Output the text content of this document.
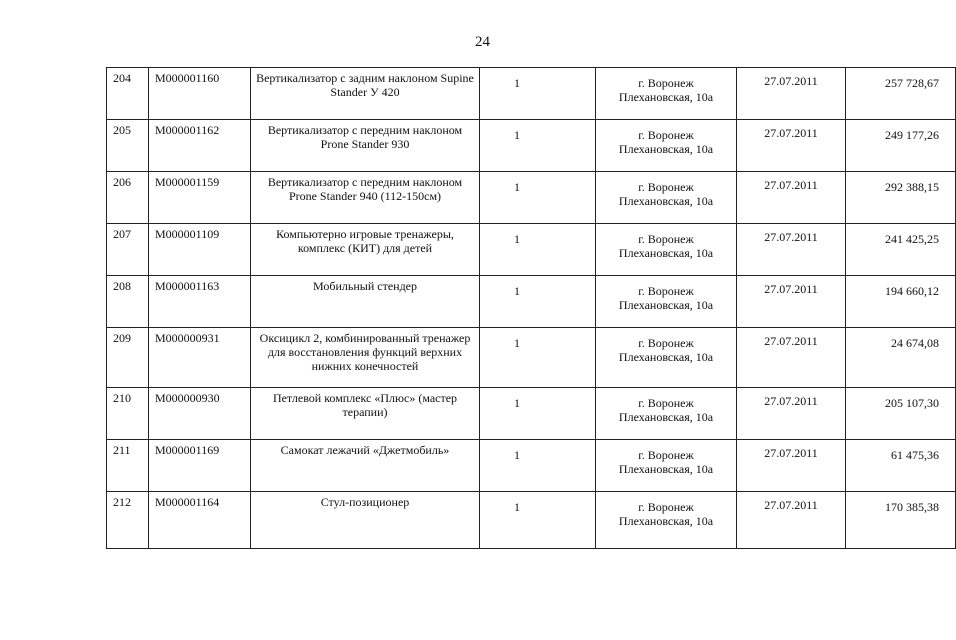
24
204	М000001160	Вертикализатор с задним наклоном Supine Stander У 420	1	г. Воронеж
Плехановская, 10а	27.07.2011	257 728,67
205	М000001162	Вертикализатор с передним наклоном Prone Stander 930	1	г. Воронеж
Плехановская, 10а	27.07.2011	249 177,26
206	М000001159	Вертикализатор с передним наклоном Prone Stander 940 (112-150см)	1	г. Воронеж
Плехановская, 10а	27.07.2011	292 388,15
207	М000001109	Компьютерно игровые тренажеры, комплекс (КИТ) для детей	1	г. Воронеж
Плехановская, 10а	27.07.2011	241 425,25
208	М000001163	Мобильный стендер	1	г. Воронеж
Плехановская, 10а	27.07.2011	194 660,12
209	М000000931	Оксицикл 2, комбинированный тренажер для восстановления функций верхних нижних конечностей	1	г. Воронеж
Плехановская, 10а	27.07.2011	24 674,08
210	М000000930	Петлевой комплекс «Плюс» (мастер терапии)	1	г. Воронеж
Плехановская, 10а	27.07.2011	205 107,30
211	М000001169	Самокат лежачий «Джетмобиль»	1	г. Воронеж
Плехановская, 10а	27.07.2011	61 475,36
212	М000001164	Стул-позиционер	1	г. Воронеж
Плехановская, 10а	27.07.2011	170 385,38
